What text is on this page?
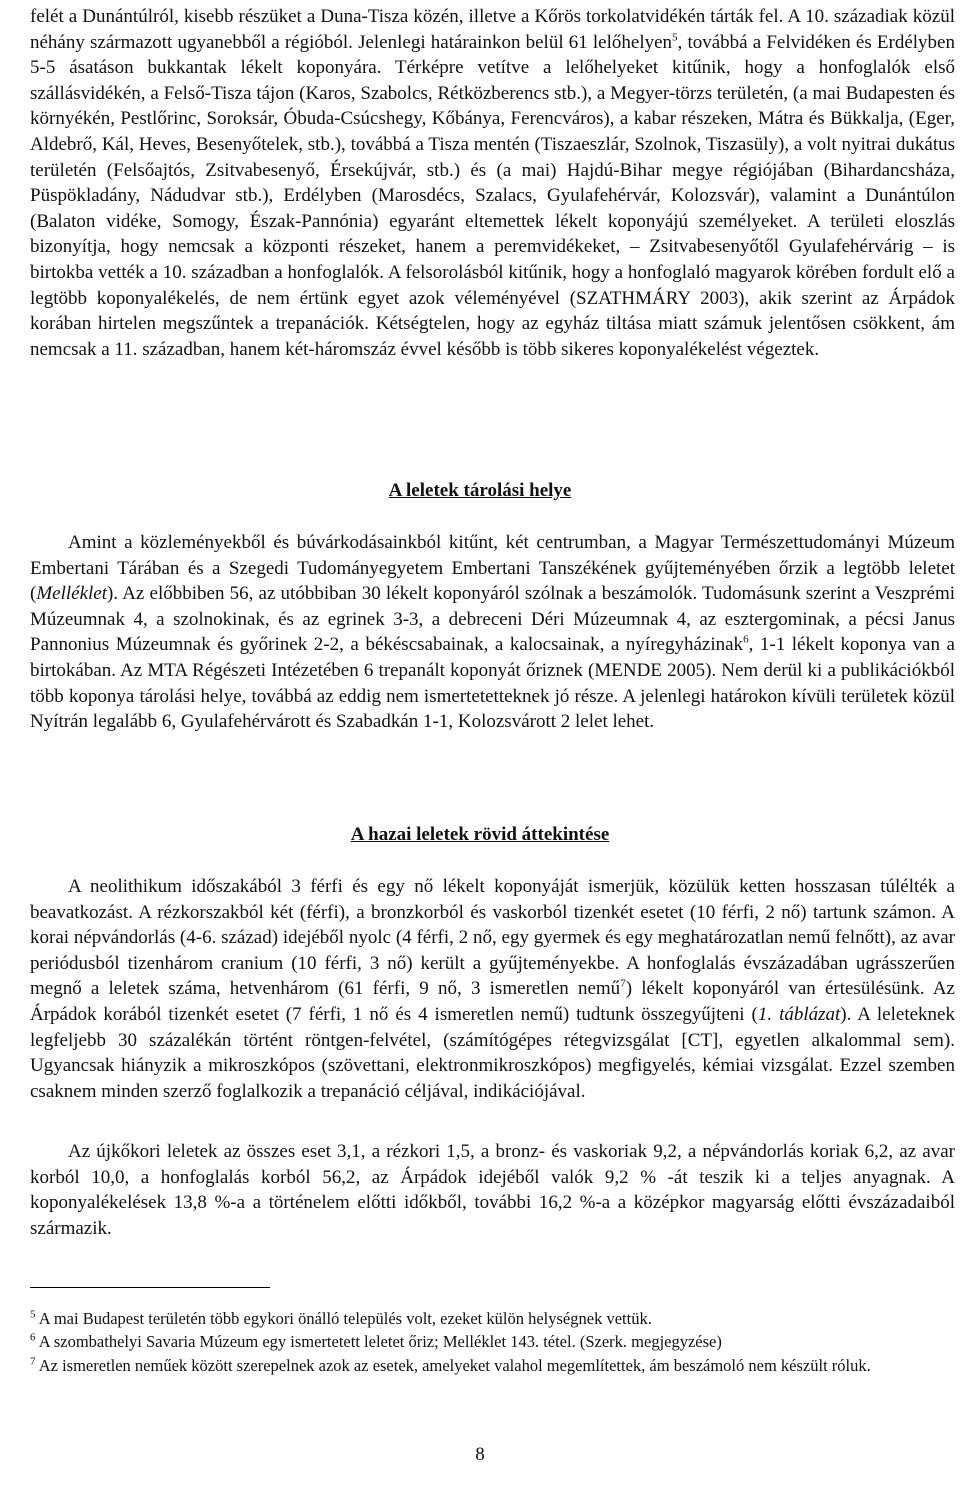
felét a Dunántúlról, kisebb részüket a Duna-Tisza közén, illetve a Kőrös torkolatvidékén tárták fel. A 10. századiak közül néhány származott ugyanebből a régióból. Jelenlegi határainkon belül 61 lelőhelyen$^5$, továbbá a Felvidéken és Erdélyben 5-5 ásatáson bukkantak lékelt koponyára. Térképre vetítve a lelőhelyeket kitűnik, hogy a honfoglalók első szállásvidékén, a Felső-Tisza tájon (Karos, Szabolcs, Rétközberencs stb.), a Megyer-törzs területén, (a mai Budapesten és környékén, Pestlőrinc, Soroksár, Óbuda-Csúcshegy, Kőbánya, Ferencváros), a kabar részeken, Mátra és Bükkalja, (Eger, Aldebrő, Kál, Heves, Besenyőtelek, stb.), továbbá a Tisza mentén (Tiszaeszlár, Szolnok, Tiszasüly), a volt nyitrai dukátus területén (Felsőajtós, Zsitvabesenyő, Érsekújvár, stb.) és (a mai) Hajdú-Bihar megye régiójában (Bihardancsháza, Püspökladány, Nádudvar stb.), Erdélyben (Marosdécs, Szalacs, Gyulafehérvár, Kolozsvár), valamint a Dunántúlon (Balaton vidéke, Somogy, Észak-Pannónia) egyaránt eltemettek lékelt koponyájú személyeket. A területi eloszlás bizonyítja, hogy nemcsak a központi részeket, hanem a peremvidékeket, – Zsitvabesenyőtől Gyulafehérvárig – is birtokba vették a 10. században a honfoglalók. A felsorolásból kitűnik, hogy a honfoglaló magyarok körében fordult elő a legtöbb koponyalékelés, de nem értünk egyet azok véleményével (SZATHMÁRY 2003), akik szerint az Árpádok korában hirtelen megszűntek a trepanációk. Kétségtelen, hogy az egyház tiltása miatt számuk jelentősen csökkent, ám nemcsak a 11. században, hanem két-háromszáz évvel később is több sikeres koponyalékelést végeztek.

A leletek tárolási helye

Amint a közleményekből és búvárkodásainkból kitűnt, két centrumban, a Magyar Természettudományi Múzeum Embertani Tárában és a Szegedi Tudományegyetem Embertani Tanszékének gyűjteményében őrzik a legtöbb leletet (Melléklet). Az előbbiben 56, az utóbbiban 30 lékelt koponyáról szólnak a beszámolók. Tudomásunk szerint a Veszprémi Múzeumnak 4, a szolnokinak, és az egrinek 3-3, a debreceni Déri Múzeumnak 4, az esztergominak, a pécsi Janus Pannonius Múzeumnak és győrinek 2-2, a békéscsabainak, a kalocsainak, a nyíregyházinak$^6$, 1-1 lékelt koponya van a birtokában. Az MTA Régészeti Intézetében 6 trepanált koponyát őriznek (MENDE 2005). Nem derül ki a publikációkból több koponya tárolási helye, továbbá az eddig nem ismertetetteknek jó része. A jelenlegi határokon kívüli területek közül Nyítrán legalább 6, Gyulafehérvárott és Szabadkán 1-1, Kolozsvárott 2 lelet lehet.

A hazai leletek rövid áttekintése

A neolithikum időszakából 3 férfi és egy nő lékelt koponyáját ismerjük, közülük ketten hosszasan túlélték a beavatkozást. A rézkorszakból két (férfi), a bronzkorból és vaskorból tizenkét esetet (10 férfi, 2 nő) tartunk számon. A korai népvándorlás (4-6. század) idejéből nyolc (4 férfi, 2 nő, egy gyermek és egy meghatározatlan nemű felnőtt), az avar periódusból tizenhárom cranium (10 férfi, 3 nő) került a gyűjteményekbe. A honfoglalás évszázadában ugrásszerűen megnő a leletek száma, hetvenhárom (61 férfi, 9 nő, 3 ismeretlen nemű$^7$) lékelt koponyáról van értesülésünk. Az Árpádok korából tizenkét esetet (7 férfi, 1 nő és 4 ismeretlen nemű) tudtunk összegyűjteni (1. táblázat). A leleteknek legfeljebb 30 százalékán történt röntgen-felvétel, (számítógépes rétegvizsgálat [CT], egyetlen alkalommal sem). Ugyancsak hiányzik a mikroszkópos (szövettani, elektronmikroszkópos) megfigyelés, kémiai vizsgálat. Ezzel szemben csaknem minden szerző foglalkozik a trepanáció céljával, indikációjával.

Az újkőkori leletek az összes eset 3,1, a rézkori 1,5, a bronz- és vaskoriak 9,2, a népvándorlás koriak 6,2, az avar korból 10,0, a honfoglalás korból 56,2, az Árpádok idejéből valók 9,2 % -át teszik ki a teljes anyagnak. A koponyalékelések 13,8 %-a a történelem előtti időkből, további 16,2 %-a a középkor magyarság előtti évszázadaiból származik.

$^5$ A mai Budapest területén több egykori önálló település volt, ezeket külön helységnek vettük.

$^6$ A szombathelyi Savaria Múzeum egy ismertetett leletet őriz; Melléklet 143. tétel. (Szerk. megjegyzése)

$^7$ Az ismeretlen neműek között szerepelnek azok az esetek, amelyeket valahol megemlítettek, ám beszámoló nem készült róluk.

8
